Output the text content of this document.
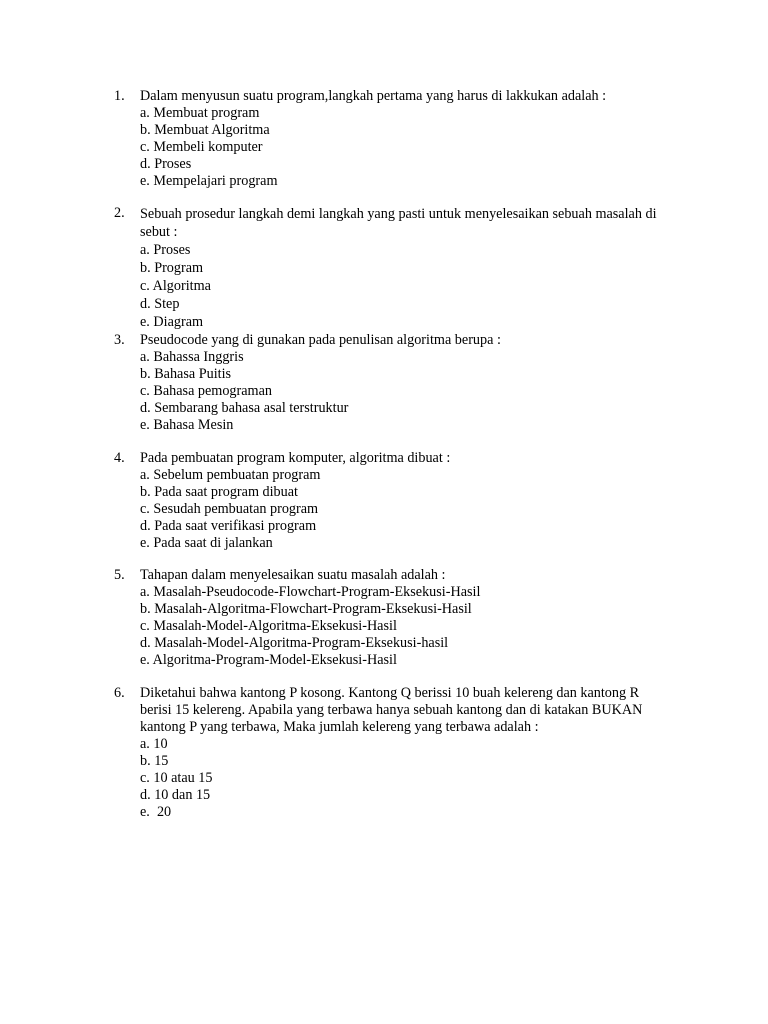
1.	Dalam menyusun suatu program,langkah pertama yang harus di lakkukan adalah :
a. Membuat program
b. Membuat Algoritma
c. Membeli komputer
d. Proses
e. Mempelajari program
2.	Sebuah prosedur langkah demi langkah yang pasti untuk menyelesaikan sebuah masalah di sebut :
a. Proses
b. Program
c. Algoritma
d. Step
e. Diagram
3.	Pseudocode yang di gunakan pada penulisan algoritma berupa :
a. Bahassa Inggris
b. Bahasa Puitis
c. Bahasa pemograman
d. Sembarang bahasa asal terstruktur
e. Bahasa Mesin
4.	Pada pembuatan program komputer, algoritma dibuat :
a. Sebelum pembuatan program
b. Pada saat program dibuat
c. Sesudah pembuatan program
d. Pada saat verifikasi program
e. Pada saat di jalankan
5.	Tahapan dalam menyelesaikan suatu masalah adalah :
a. Masalah-Pseudocode-Flowchart-Program-Eksekusi-Hasil
b. Masalah-Algoritma-Flowchart-Program-Eksekusi-Hasil
c. Masalah-Model-Algoritma-Eksekusi-Hasil
d. Masalah-Model-Algoritma-Program-Eksekusi-hasil
e. Algoritma-Program-Model-Eksekusi-Hasil
6.	Diketahui bahwa kantong P kosong. Kantong Q berissi 10 buah kelereng dan kantong R berisi 15 kelereng. Apabila yang terbawa hanya sebuah kantong dan di katakan BUKAN kantong P yang terbawa, Maka jumlah kelereng yang terbawa adalah :
a. 10
b. 15
c. 10 atau 15
d. 10 dan 15
e.  20
